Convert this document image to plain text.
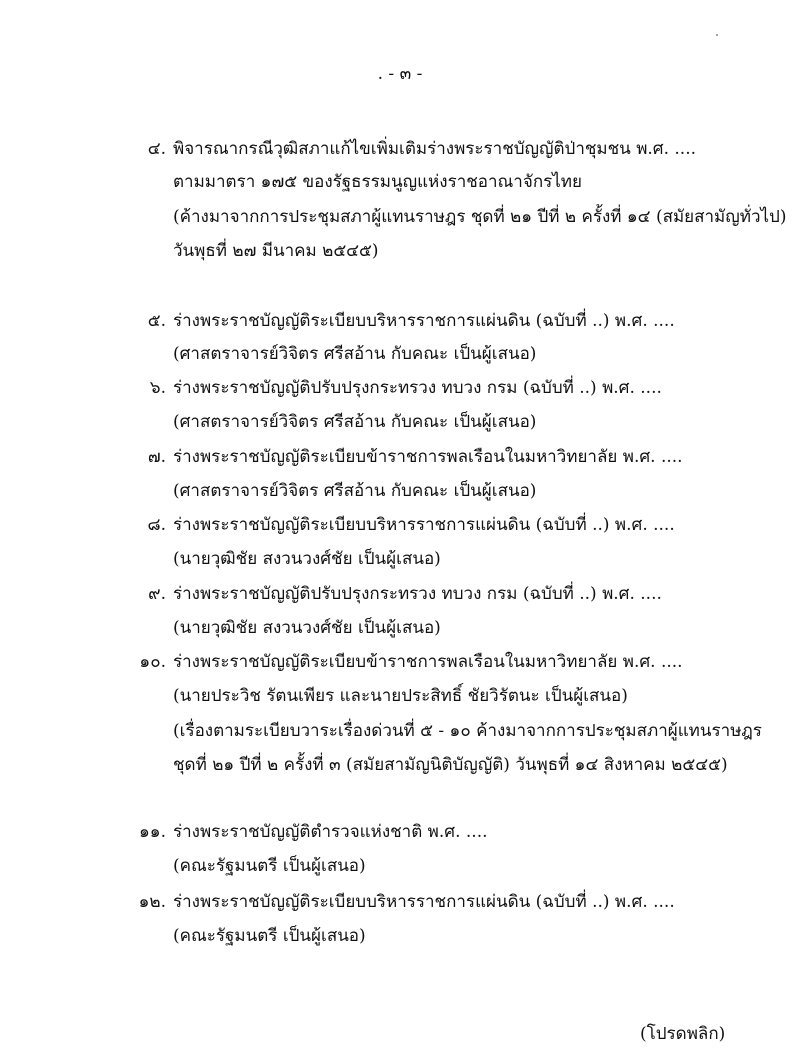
. - ๓ -
๔. พิจารณากรณีวุฒิสภาแก้ไขเพิ่มเติมร่างพระราชบัญญัติป่าชุมชน พ.ศ. ....
ตามมาตรา ๑๗๕ ของรัฐธรรมนูญแห่งราชอาณาจักรไทย
(ค้างมาจากการประชุมสภาผู้แทนราษฎร ชุดที่ ๒๑ ปีที่ ๒ ครั้งที่ ๑๔ (สมัยสามัญทั่วไป)
วันพุธที่ ๒๗ มีนาคม ๒๕๔๕)
๕. ร่างพระราชบัญญัติระเบียบบริหารราชการแผ่นดิน (ฉบับที่ ..) พ.ศ. ....
(ศาสตราจารย์วิจิตร ศรีสอ้าน กับคณะ เป็นผู้เสนอ)
๖. ร่างพระราชบัญญัติปรับปรุงกระทรวง ทบวง กรม (ฉบับที่ ..) พ.ศ. ....
(ศาสตราจารย์วิจิตร ศรีสอ้าน กับคณะ เป็นผู้เสนอ)
๗. ร่างพระราชบัญญัติระเบียบข้าราชการพลเรือนในมหาวิทยาลัย พ.ศ. ....
(ศาสตราจารย์วิจิตร ศรีสอ้าน กับคณะ เป็นผู้เสนอ)
๘. ร่างพระราชบัญญัติระเบียบบริหารราชการแผ่นดิน (ฉบับที่ ..) พ.ศ. ....
(นายวุฒิชัย สงวนวงศ์ชัย เป็นผู้เสนอ)
๙. ร่างพระราชบัญญัติปรับปรุงกระทรวง ทบวง กรม (ฉบับที่ ..) พ.ศ. ....
(นายวุฒิชัย สงวนวงศ์ชัย เป็นผู้เสนอ)
๑๐. ร่างพระราชบัญญัติระเบียบข้าราชการพลเรือนในมหาวิทยาลัย พ.ศ. ....
(นายประวิช รัตนเพียร และนายประสิทธิ์ ชัยวิรัตนะ เป็นผู้เสนอ)
(เรื่องตามระเบียบวาระเรื่องด่วนที่ ๕ - ๑๐ ค้างมาจากการประชุมสภาผู้แทนราษฎร
ชุดที่ ๒๑ ปีที่ ๒ ครั้งที่ ๓ (สมัยสามัญนิติบัญญัติ) วันพุธที่ ๑๔ สิงหาคม ๒๕๔๕)
๑๑. ร่างพระราชบัญญัติตำรวจแห่งชาติ พ.ศ. ....
(คณะรัฐมนตรี เป็นผู้เสนอ)
๑๒. ร่างพระราชบัญญัติระเบียบบริหารราชการแผ่นดิน (ฉบับที่ ..) พ.ศ. ....
(คณะรัฐมนตรี เป็นผู้เสนอ)
(โปรดพลิก)
